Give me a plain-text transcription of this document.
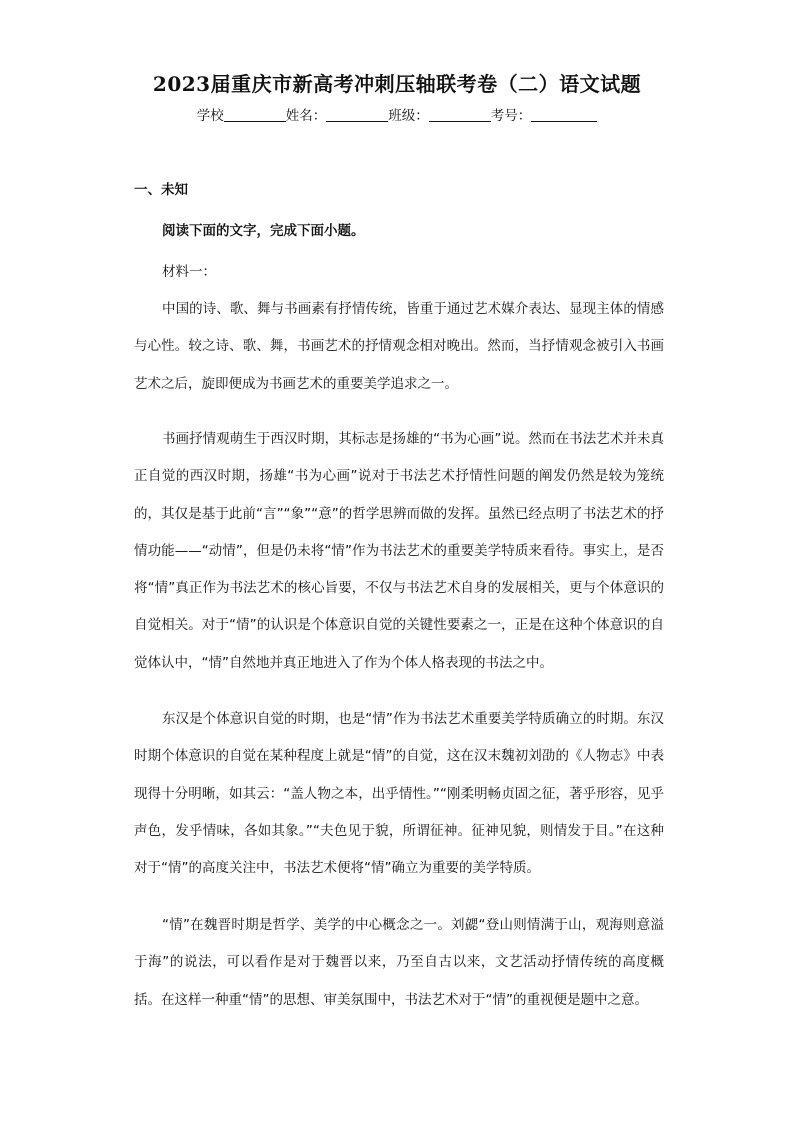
2023届重庆市新高考冲刺压轴联考卷（二）语文试题
学校	姓名：	班级：	考号：
一、未知
阅读下面的文字，完成下面小题。
材料一：
中国的诗、歌、舞与书画素有抒情传统，皆重于通过艺术媒介表达、显现主体的情感与心性。较之诗、歌、舞，书画艺术的抒情观念相对晚出。然而，当抒情观念被引入书画艺术之后，旋即便成为书画艺术的重要美学追求之一。
书画抒情观萌生于西汉时期，其标志是扬雄的“书为心画”说。然而在书法艺术并未真正自觉的西汉时期，扬雄“书为心画”说对于书法艺术抒情性问题的阐发仍然是较为笼统的，其仅是基于此前“言”“象”“意”的哲学思辨而做的发挥。虽然已经点明了书法艺术的抒情功能——“动情”，但是仍未将“情”作为书法艺术的重要美学特质来看待。事实上，是否将“情”真正作为书法艺术的核心旨要，不仅与书法艺术自身的发展相关，更与个体意识的自觉相关。对于“情”的认识是个体意识自觉的关键性要素之一，正是在这种个体意识的自觉体认中，“情”自然地并真正地进入了作为个体人格表现的书法之中。
东汉是个体意识自觉的时期，也是“情”作为书法艺术重要美学特质确立的时期。东汉时期个体意识的自觉在某种程度上就是“情”的自觉，这在汉末魏初刘劭的《人物志》中表现得十分明晰，如其云：“盖人物之本，出乎情性。”“刚柔明畅贞固之征，著乎形容，见乎声色，发乎情味，各如其象。”“夫色见于貌，所谓征神。征神见貌，则情发于目。”在这种对于“情”的高度关注中，书法艺术便将“情”确立为重要的美学特质。
“情”在魏晋时期是哲学、美学的中心概念之一。刘勰“登山则情满于山，观海则意溢于海”的说法，可以看作是对于魏晋以来，乃至自古以来，文艺活动抒情传统的高度概括。在这样一种重“情”的思想、审美氛围中，书法艺术对于“情”的重视便是题中之意。
